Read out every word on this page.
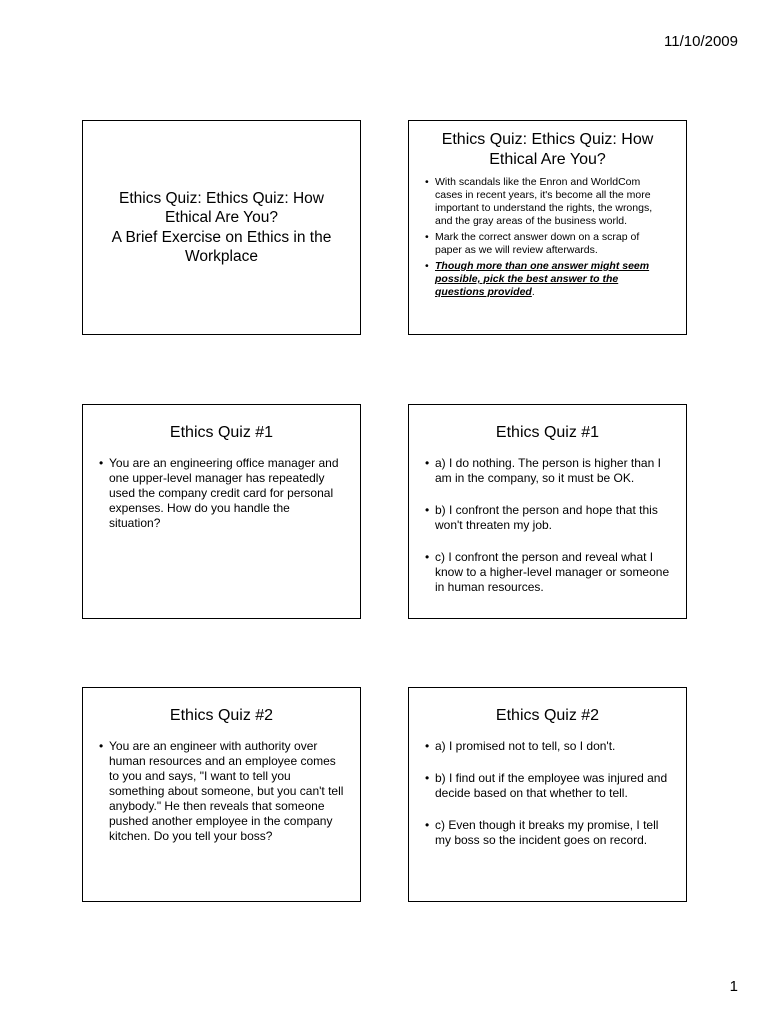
11/10/2009
Ethics Quiz: Ethics Quiz: How
Ethical Are You?
A Brief Exercise on Ethics in the
Workplace
Ethics Quiz: Ethics Quiz: How
Ethical Are You?
• With scandals like the Enron and WorldCom cases in recent years, it's become all the more important to understand the rights, the wrongs, and the gray areas of the business world.
• Mark the correct answer down on a scrap of paper as we will review afterwards.
• Though more than one answer might seem possible, pick the best answer to the questions provided.
Ethics Quiz #1
• You are an engineering office manager and one upper-level manager has repeatedly used the company credit card for personal expenses. How do you handle the situation?
Ethics Quiz #1
• a) I do nothing. The person is higher than I am in the company, so it must be OK.
• b) I confront the person and hope that this won't threaten my job.
• c) I confront the person and reveal what I know to a higher-level manager or someone in human resources.
Ethics Quiz #2
• You are an engineer with authority over human resources and an employee comes to you and says, "I want to tell you something about someone, but you can't tell anybody." He then reveals that someone pushed another employee in the company kitchen. Do you tell your boss?
Ethics Quiz #2
• a) I promised not to tell, so I don't.
• b) I find out if the employee was injured and decide based on that whether to tell.
• c) Even though it breaks my promise, I tell my boss so the incident goes on record.
1
